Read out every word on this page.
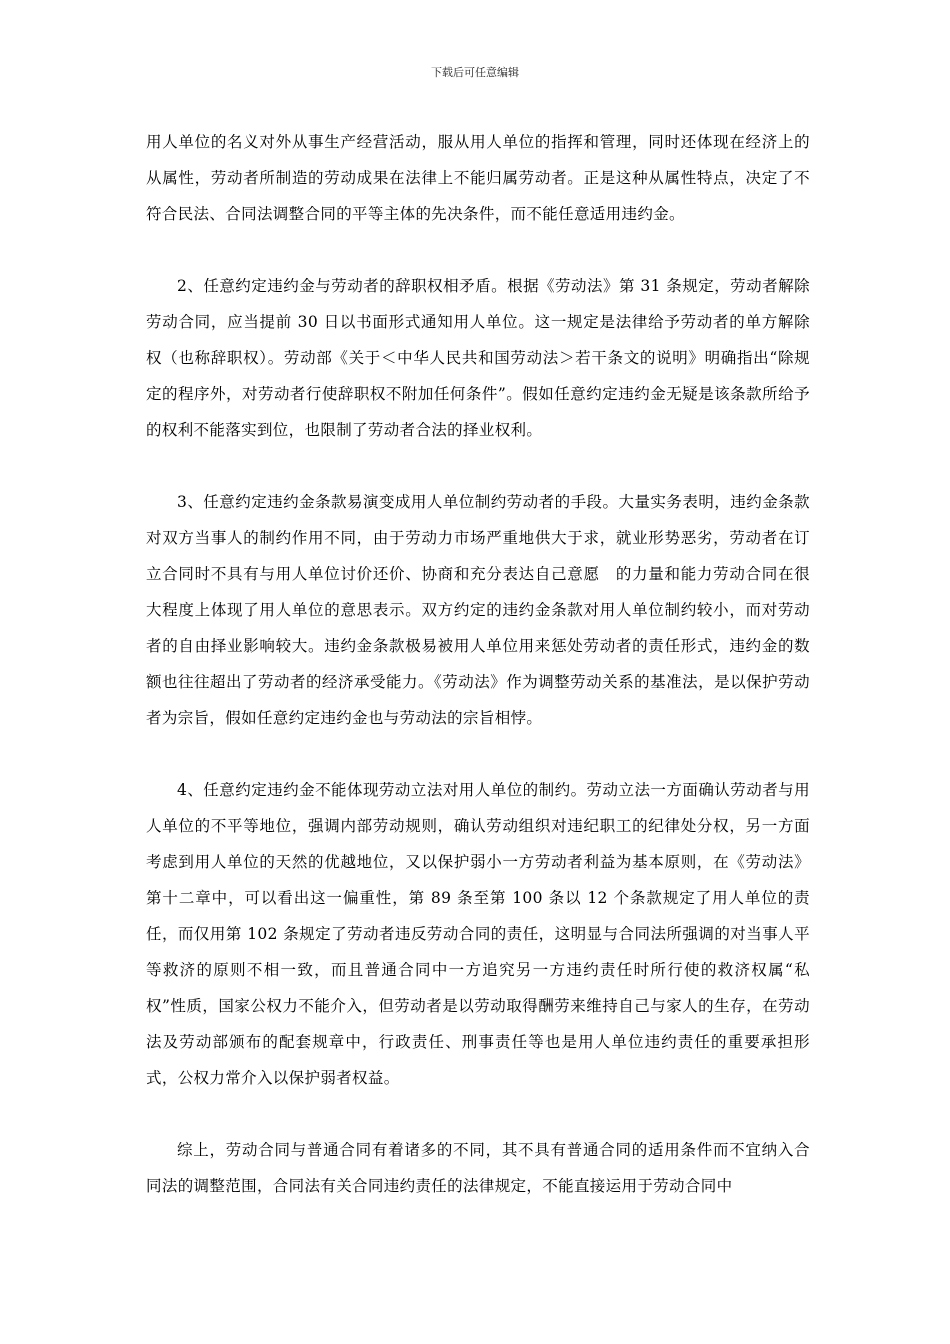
下载后可任意编辑

用人单位的名义对外从事生产经营活动，服从用人单位的指挥和管理，同时还体现在经济上的从属性，劳动者所制造的劳动成果在法律上不能归属劳动者。正是这种从属性特点，决定了不符合民法、合同法调整合同的平等主体的先决条件，而不能任意适用违约金。

2、任意约定违约金与劳动者的辞职权相矛盾。根据《劳动法》第 31 条规定，劳动者解除劳动合同，应当提前 30 日以书面形式通知用人单位。这一规定是法律给予劳动者的单方解除权（也称辞职权）。劳动部《关于＜中华人民共和国劳动法＞若干条文的说明》明确指出“除规定的程序外，对劳动者行使辞职权不附加任何条件”。假如任意约定违约金无疑是该条款所给予的权利不能落实到位，也限制了劳动者合法的择业权利。

3、任意约定违约金条款易演变成用人单位制约劳动者的手段。大量实务表明，违约金条款对双方当事人的制约作用不同，由于劳动力市场严重地供大于求，就业形势恶劣，劳动者在订立合同时不具有与用人单位讨价还价、协商和充分表达自己意愿　的力量和能力劳动合同在很大程度上体现了用人单位的意思表示。双方约定的违约金条款对用人单位制约较小，而对劳动者的自由择业影响较大。违约金条款极易被用人单位用来惩处劳动者的责任形式，违约金的数额也往往超出了劳动者的经济承受能力。《劳动法》作为调整劳动关系的基准法，是以保护劳动者为宗旨，假如任意约定违约金也与劳动法的宗旨相悖。

4、任意约定违约金不能体现劳动立法对用人单位的制约。劳动立法一方面确认劳动者与用人单位的不平等地位，强调内部劳动规则，确认劳动组织对违纪职工的纪律处分权，另一方面考虑到用人单位的天然的优越地位，又以保护弱小一方劳动者利益为基本原则，在《劳动法》第十二章中，可以看出这一偏重性，第 89 条至第 100 条以 12 个条款规定了用人单位的责任，而仅用第 102 条规定了劳动者违反劳动合同的责任，这明显与合同法所强调的对当事人平等救济的原则不相一致，而且普通合同中一方追究另一方违约责任时所行使的救济权属“私权”性质，国家公权力不能介入，但劳动者是以劳动取得酬劳来维持自己与家人的生存，在劳动法及劳动部颁布的配套规章中，行政责任、刑事责任等也是用人单位违约责任的重要承担形式，公权力常介入以保护弱者权益。

综上，劳动合同与普通合同有着诸多的不同，其不具有普通合同的适用条件而不宜纳入合同法的调整范围，合同法有关合同违约责任的法律规定，不能直接运用于劳动合同中
